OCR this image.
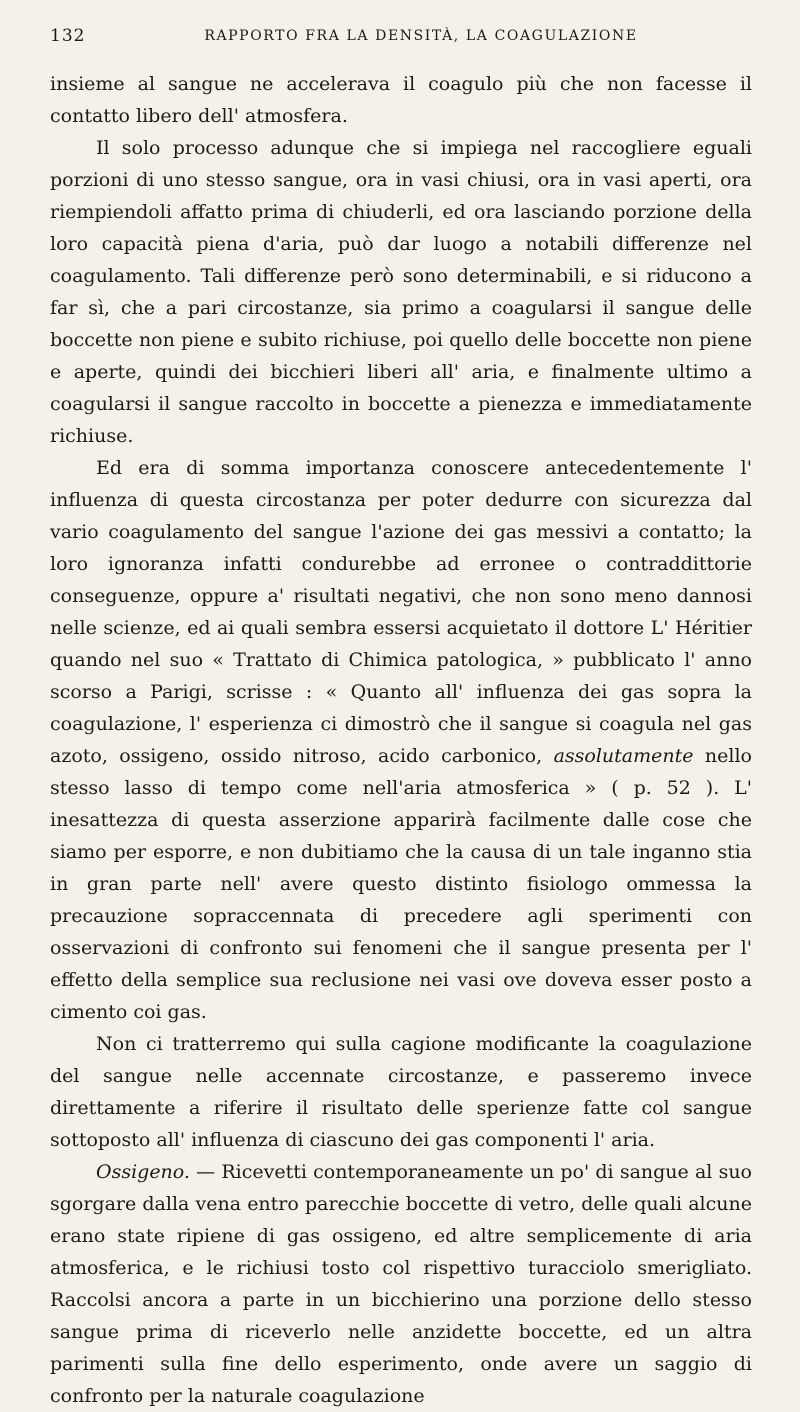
132	RAPPORTO FRA LA DENSITÀ, LA COAGULAZIONE

insieme al sangue ne accelerava il coagulo più che non facesse il contatto libero dell' atmosfera.

Il solo processo adunque che si impiega nel raccogliere eguali porzioni di uno stesso sangue, ora in vasi chiusi, ora in vasi aperti, ora riempiendoli affatto prima di chiuderli, ed ora lasciando porzione della loro capacità piena d'aria, può dar luogo a notabili differenze nel coagulamento. Tali differenze però sono determinabili, e si riducono a far sì, che a pari circostanze, sia primo a coagularsi il sangue delle boccette non piene e subito richiuse, poi quello delle boccette non piene e aperte, quindi dei bicchieri liberi all' aria, e finalmente ultimo a coagularsi il sangue raccolto in boccette a pienezza e immediatamente richiuse.

Ed era di somma importanza conoscere antecedentemente l' influenza di questa circostanza per poter dedurre con sicurezza dal vario coagulamento del sangue l'azione dei gas messivi a contatto; la loro ignoranza infatti condurebbe ad erronee o contraddittorie conseguenze, oppure a' risultati negativi, che non sono meno dannosi nelle scienze, ed ai quali sembra essersi acquietato il dottore L' Héritier quando nel suo « Trattato di Chimica patologica, » pubblicato l' anno scorso a Parigi, scrisse : « Quanto all' influenza dei gas sopra la coagulazione, l' esperienza ci dimostrò che il sangue si coagula nel gas azoto, ossigeno, ossido nitroso, acido carbonico, assolutamente nello stesso lasso di tempo come nell'aria atmosferica » ( p. 52 ). L' inesattezza di questa asserzione apparirà facilmente dalle cose che siamo per esporre, e non dubitiamo che la causa di un tale inganno stia in gran parte nell' avere questo distinto fisiologo ommessa la precauzione sopraccennata di precedere agli sperimenti con osservazioni di confronto sui fenomeni che il sangue presenta per l' effetto della semplice sua reclusione nei vasi ove doveva esser posto a cimento coi gas.

Non ci tratterremo qui sulla cagione modificante la coagulazione del sangue nelle accennate circostanze, e passeremo invece direttamente a riferire il risultato delle sperienze fatte col sangue sottoposto all' influenza di ciascuno dei gas componenti l' aria.

Ossigeno. — Ricevetti contemporaneamente un po' di sangue al suo sgorgare dalla vena entro parecchie boccette di vetro, delle quali alcune erano state ripiene di gas ossigeno, ed altre semplicemente di aria atmosferica, e le richiusi tosto col rispettivo turacciolo smerigliato. Raccolsi ancora a parte in un bicchierino una porzione dello stesso sangue prima di riceverlo nelle anzidette boccette, ed un altra parimenti sulla fine dello esperimento, onde avere un saggio di confronto per la naturale coagulazione
